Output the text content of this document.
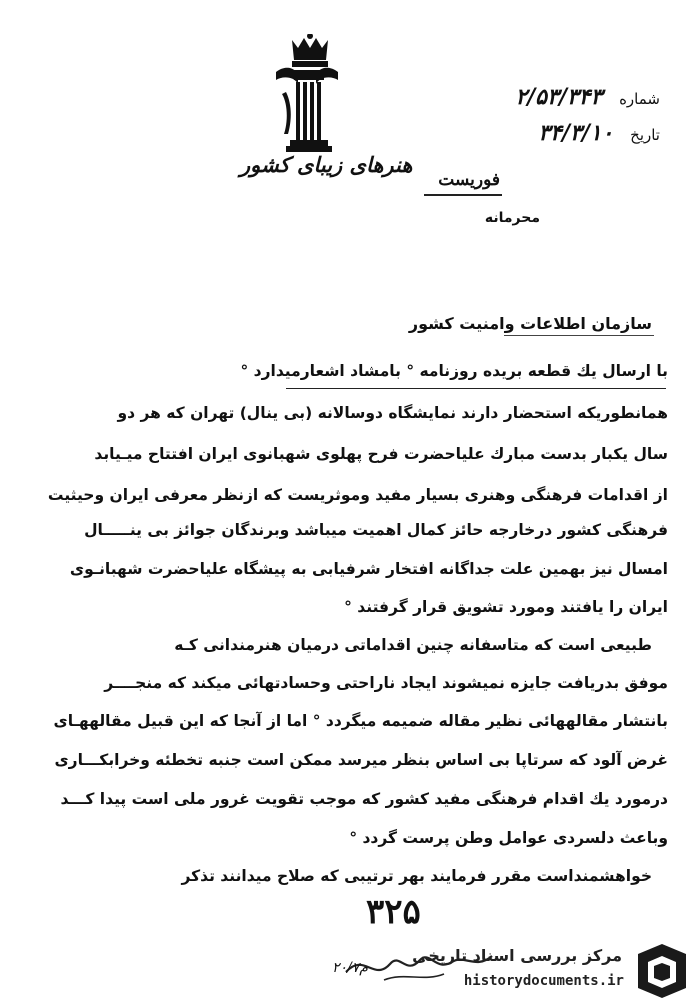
هنرهای زیبای کشور
شماره ۲/۵۳/۳۴۳
تاریخ ۳۴/۳/۱۰
فوریست
محرمانه
سازمان اطلاعات وامنیت کشور
با ارسال یك قطعه بریده روزنامه ° بامشاد اشعارمیدارد °
همانطوریکه استحضار دارند نمایشگاه دوسالانه (بی ینال) تهران که هر دو
سال یکبار بدست مبارك علیاحضرت فرح پهلوی شهبانوی ایران افتتاح میـیابد
از اقدامات فرهنگی وهنری بسیار مفید وموثریست که ازنظر معرفی ایران وحیثیت
فرهنگی کشور درخارجه حائز کمال اهمیت میباشد وبرندگان جوائز بی ینـــــال
امسال نیز بهمین علت جداگانه افتخار شرفیابی به پیشگاه علیاحضرت شهبانـوی
ایران را یافتند ومورد تشویق قرار گرفتند °
طبیعی است که متاسفانه چنین اقداماتی درمیان هنرمندانی کـه
موفق بدریافت جایزه نمیشوند ایجاد ناراحتی وحسادتهائی میکند که منجــــر
بانتشار مقالههائی نظیر مقاله ضمیمه میگردد ° اما از آنجا که این قبیل مقالههـای
غرض آلود که سرتاپا بی اساس بنظر میرسد ممکن است جنبه تخطئه وخرابکـــاری
درمورد یك اقدام فرهنگی مفید کشور که موجب تقویت غرور ملی است پیدا کـــد
وباعث دلسردی عوامل وطن پرست گردد °
خواهشمنداست مقرر فرمایند بهر ترتیبی که صلاح میدانند تذکر
۳۲۵
م۲۰/۷
مرکز بررسی اسناد تاریخی
historydocuments.ir
